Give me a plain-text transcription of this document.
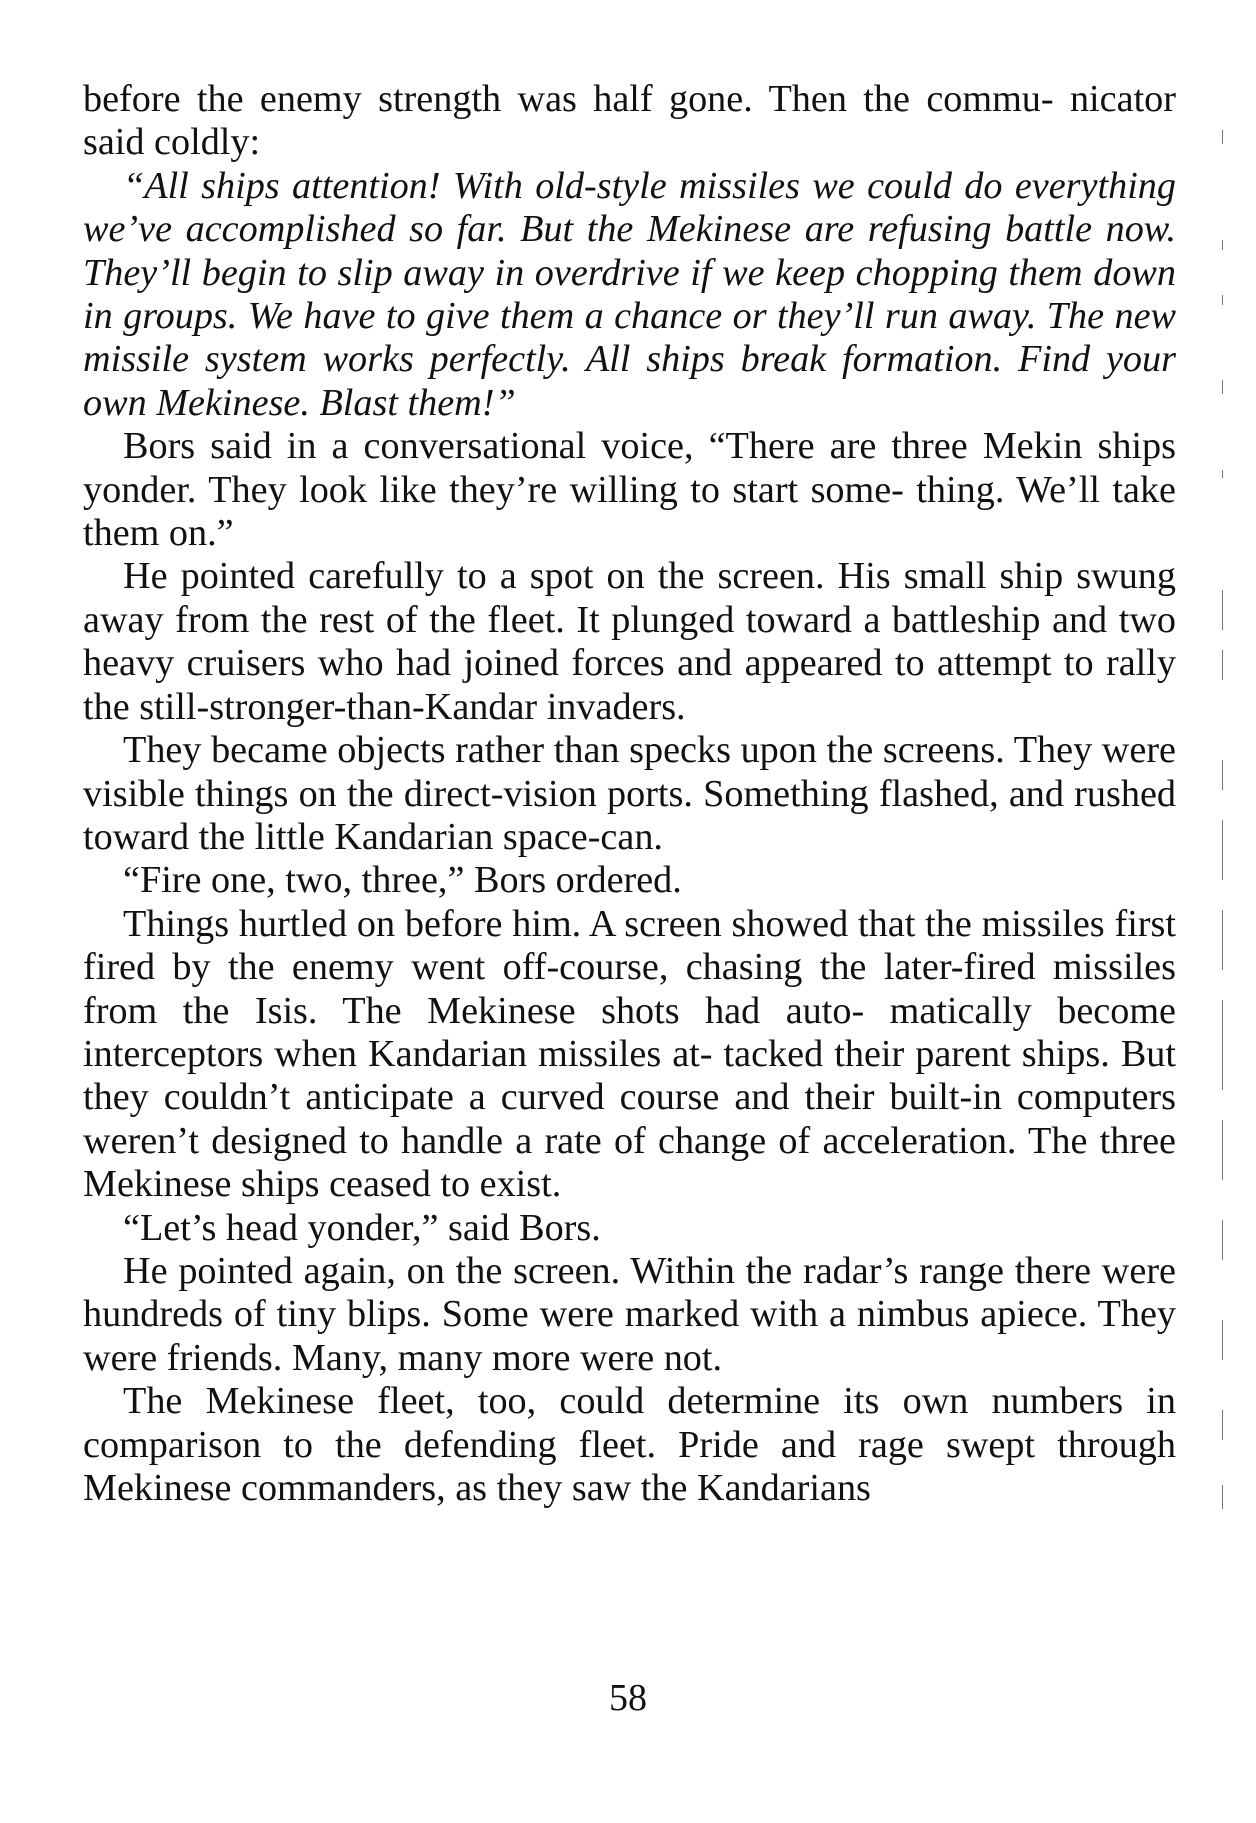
before the enemy strength was half gone. Then the commu- nicator said coldly:

“All ships attention! With old-style missiles we could do everything we’ve accomplished so far. But the Mekinese are refusing battle now. They’ll begin to slip away in overdrive if we keep chopping them down in groups. We have to give them a chance or they’ll run away. The new missile system works perfectly. All ships break formation. Find your own Mekinese. Blast them!”

Bors said in a conversational voice, “There are three Mekin ships yonder. They look like they’re willing to start some- thing. We’ll take them on.”

He pointed carefully to a spot on the screen. His small ship swung away from the rest of the fleet. It plunged toward a battleship and two heavy cruisers who had joined forces and appeared to attempt to rally the still-stronger-than-Kandar invaders.

They became objects rather than specks upon the screens. They were visible things on the direct-vision ports. Something flashed, and rushed toward the little Kandarian space-can.

“Fire one, two, three,” Bors ordered.

Things hurtled on before him. A screen showed that the missiles first fired by the enemy went off-course, chasing the later-fired missiles from the Isis. The Mekinese shots had auto- matically become interceptors when Kandarian missiles at- tacked their parent ships. But they couldn’t anticipate a curved course and their built-in computers weren’t designed to handle a rate of change of acceleration. The three Mekinese ships ceased to exist.

“Let’s head yonder,” said Bors.

He pointed again, on the screen. Within the radar’s range there were hundreds of tiny blips. Some were marked with a nimbus apiece. They were friends. Many, many more were not.

The Mekinese fleet, too, could determine its own numbers in comparison to the defending fleet. Pride and rage swept through Mekinese commanders, as they saw the Kandarians

58
